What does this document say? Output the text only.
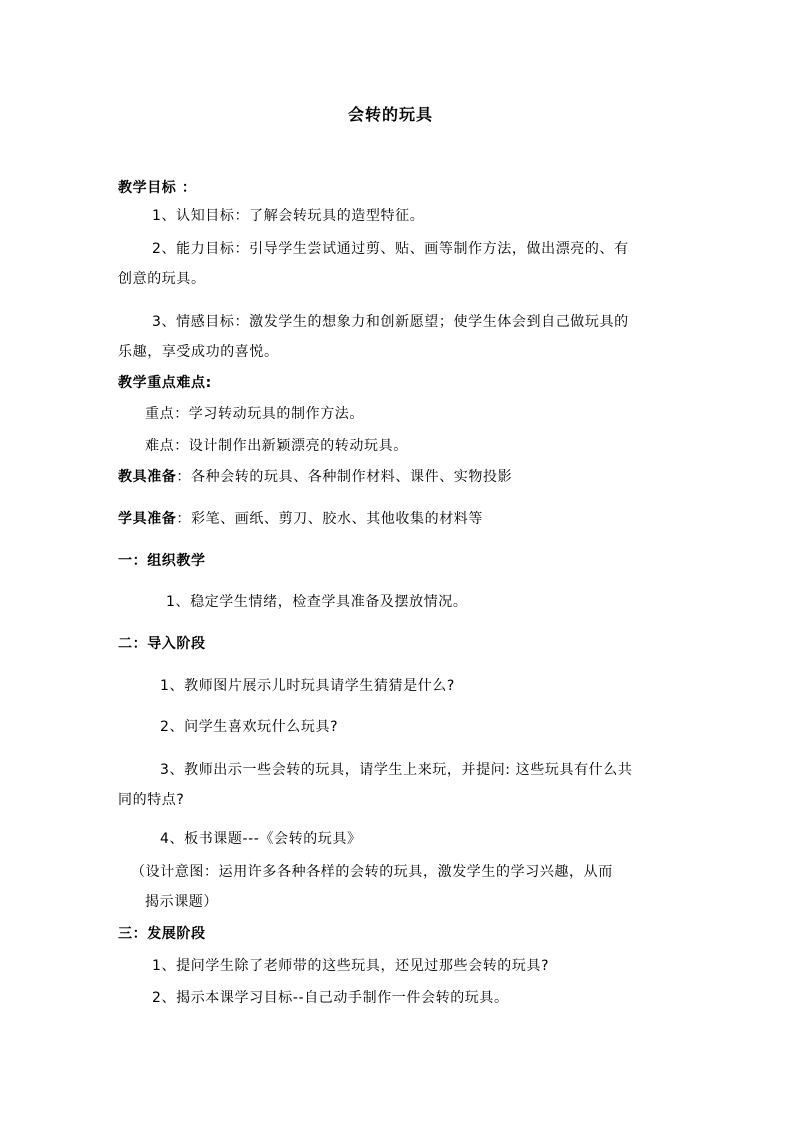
会转的玩具
教学目标 ：
1、认知目标：了解会转玩具的造型特征。
2、能力目标：引导学生尝试通过剪、贴、画等制作方法，做出漂亮的、有
创意的玩具。
3、情感目标：激发学生的想象力和创新愿望；使学生体会到自己做玩具的
乐趣，享受成功的喜悦。
教学重点难点:
重点：学习转动玩具的制作方法。
难点：设计制作出新颖漂亮的转动玩具。
教具准备：各种会转的玩具、各种制作材料、课件、实物投影
学具准备：彩笔、画纸、剪刀、胶水、其他收集的材料等
一：组织教学
1、稳定学生情绪，检查学具准备及摆放情况。
二：导入阶段
1、教师图片展示儿时玩具请学生猜猜是什么?
2、问学生喜欢玩什么玩具?
3、教师出示一些会转的玩具，请学生上来玩，并提问: 这些玩具有什么共
同的特点?
4、板书课题---《会转的玩具》
（设计意图：运用许多各种各样的会转的玩具，激发学生的学习兴趣，从而
揭示课题）
三：发展阶段
1、提问学生除了老师带的这些玩具，还见过那些会转的玩具?
2、揭示本课学习目标--自己动手制作一件会转的玩具。
